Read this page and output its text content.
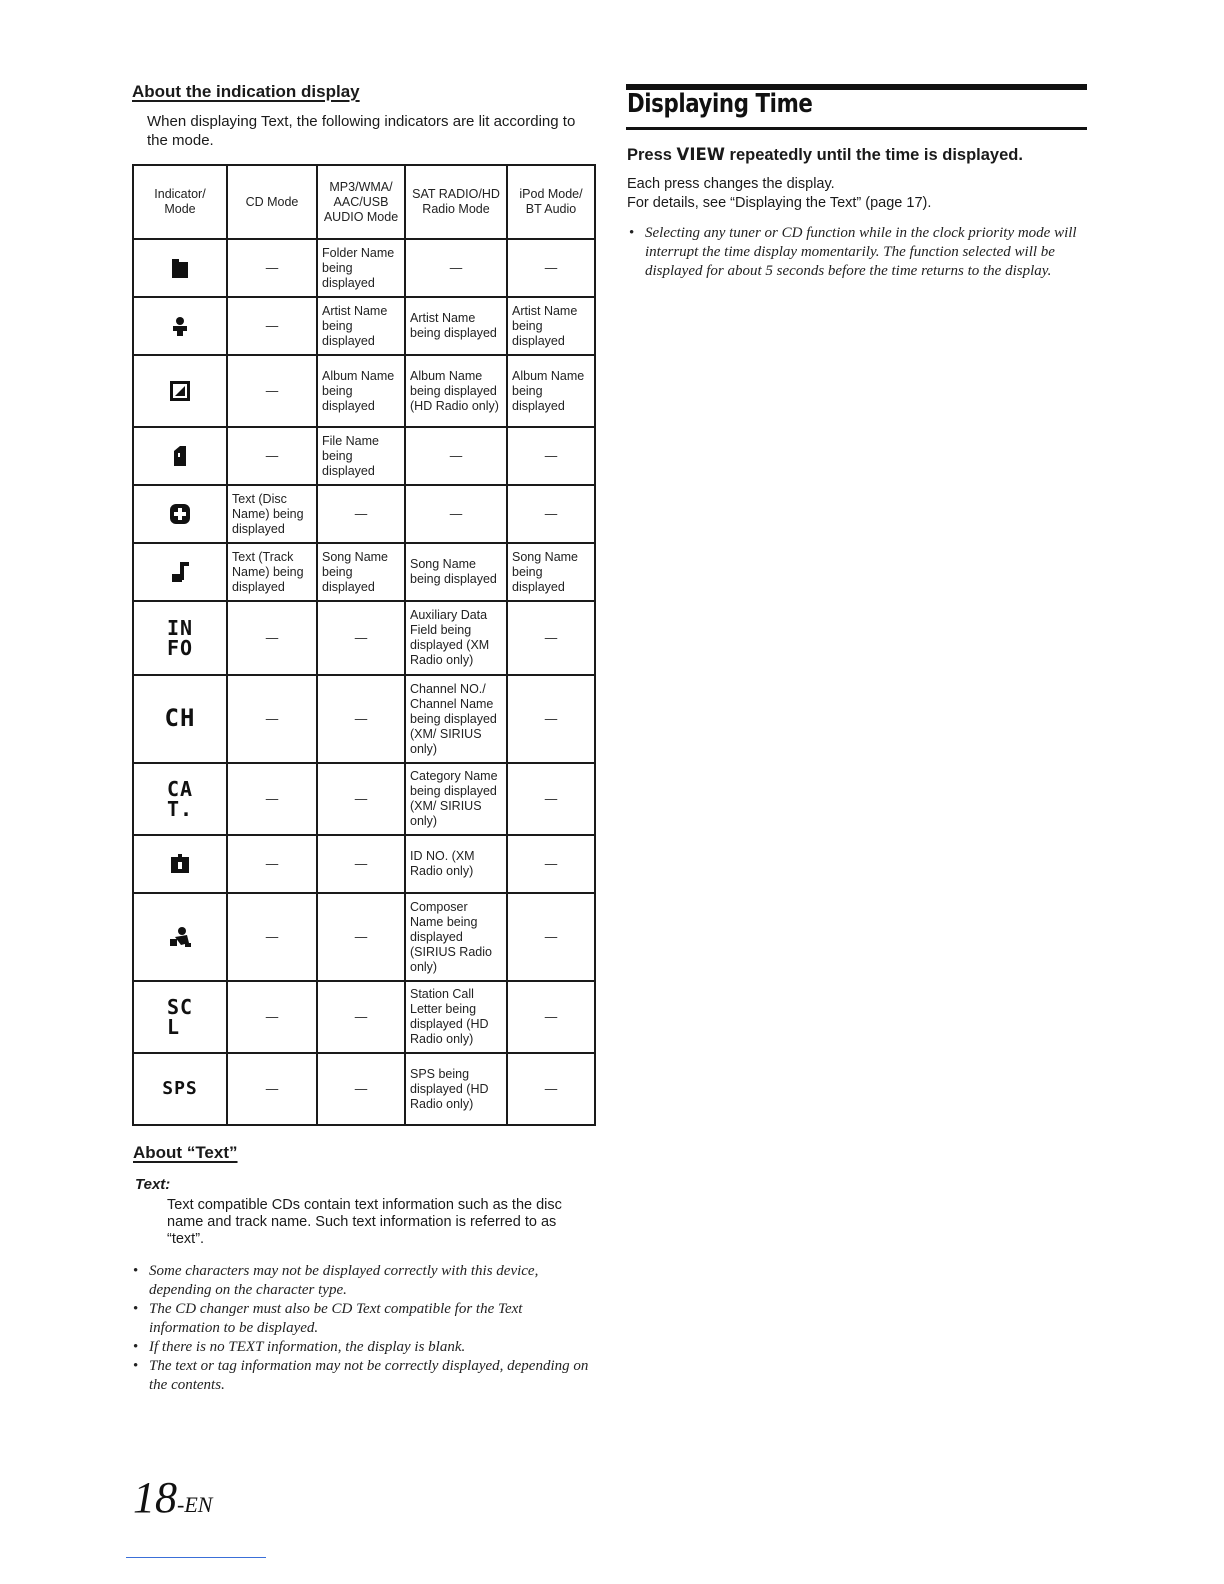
About the indication display
When displaying Text, the following indicators are lit according to the mode.
Indicator/ Mode	CD Mode	MP3/WMA/ AAC/USB AUDIO Mode	SAT RADIO/HD Radio Mode	iPod Mode/ BT Audio

	—	Folder Name being displayed	—	—

	—	Artist Name being displayed	Artist Name being displayed	Artist Name being displayed

	—	Album Name being displayed	Album Name being displayed (HD Radio only)	Album Name being displayed

	—	File Name being displayed	—	—

	Text (Disc Name) being displayed	—	—	—

	Text (Track Name) being displayed	Song Name being displayed	Song Name being displayed	Song Name being displayed
IN
FO	—	—	Auxiliary Data Field being displayed (XM Radio only)	—
CH	—	—	Channel NO./ Channel Name being displayed (XM/ SIRIUS only)	—
CA
T.	—	—	Category Name being displayed (XM/ SIRIUS only)	—

	—	—	ID NO. (XM Radio only)	—

	—	—	Composer Name being displayed (SIRIUS Radio only)	—
SC
L	—	—	Station Call Letter being displayed (HD Radio only)	—
SPS	—	—	SPS being displayed (HD Radio only)	—
About “Text”
Text:
Text compatible CDs contain text information such as the disc name and track name. Such text information is referred to as “text”.
• Some characters may not be displayed correctly with this device, depending on the character type.
• The CD changer must also be CD Text compatible for the Text information to be displayed.
• If there is no TEXT information, the display is blank.
• The text or tag information may not be correctly displayed, depending on the contents.
Displaying Time
Press VIEW repeatedly until the time is displayed.
Each press changes the display.
For details, see “Displaying the Text” (page 17).
• Selecting any tuner or CD function while in the clock priority mode will interrupt the time display momentarily. The function selected will be displayed for about 5 seconds before the time returns to the display.
18-EN
